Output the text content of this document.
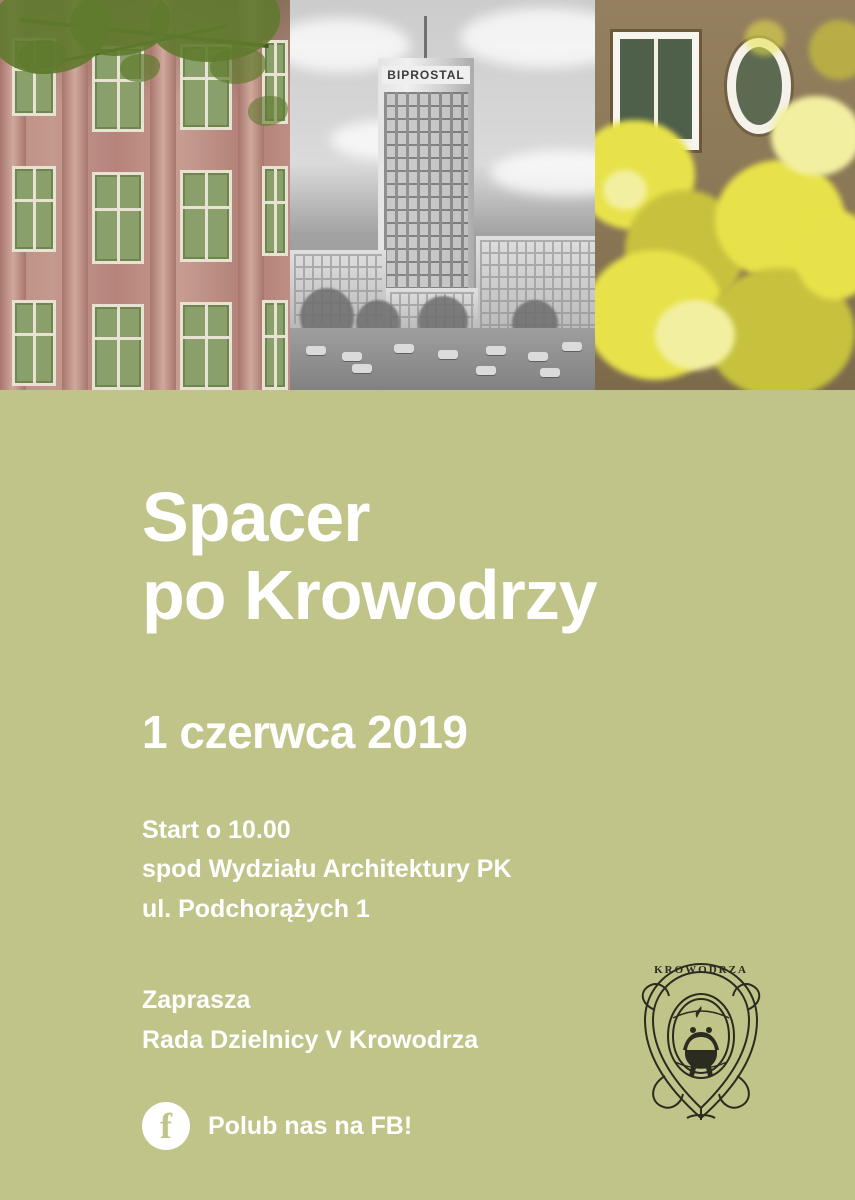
BIPROSTAL
Spacer
po Krowodrzy
1 czerwca 2019
Start o 10.00
spod Wydziału Architektury PK
ul. Podchorążych 1
Zaprasza
Rada Dzielnicy V Krowodrza
f
Polub nas na FB!
KROWODRZA
